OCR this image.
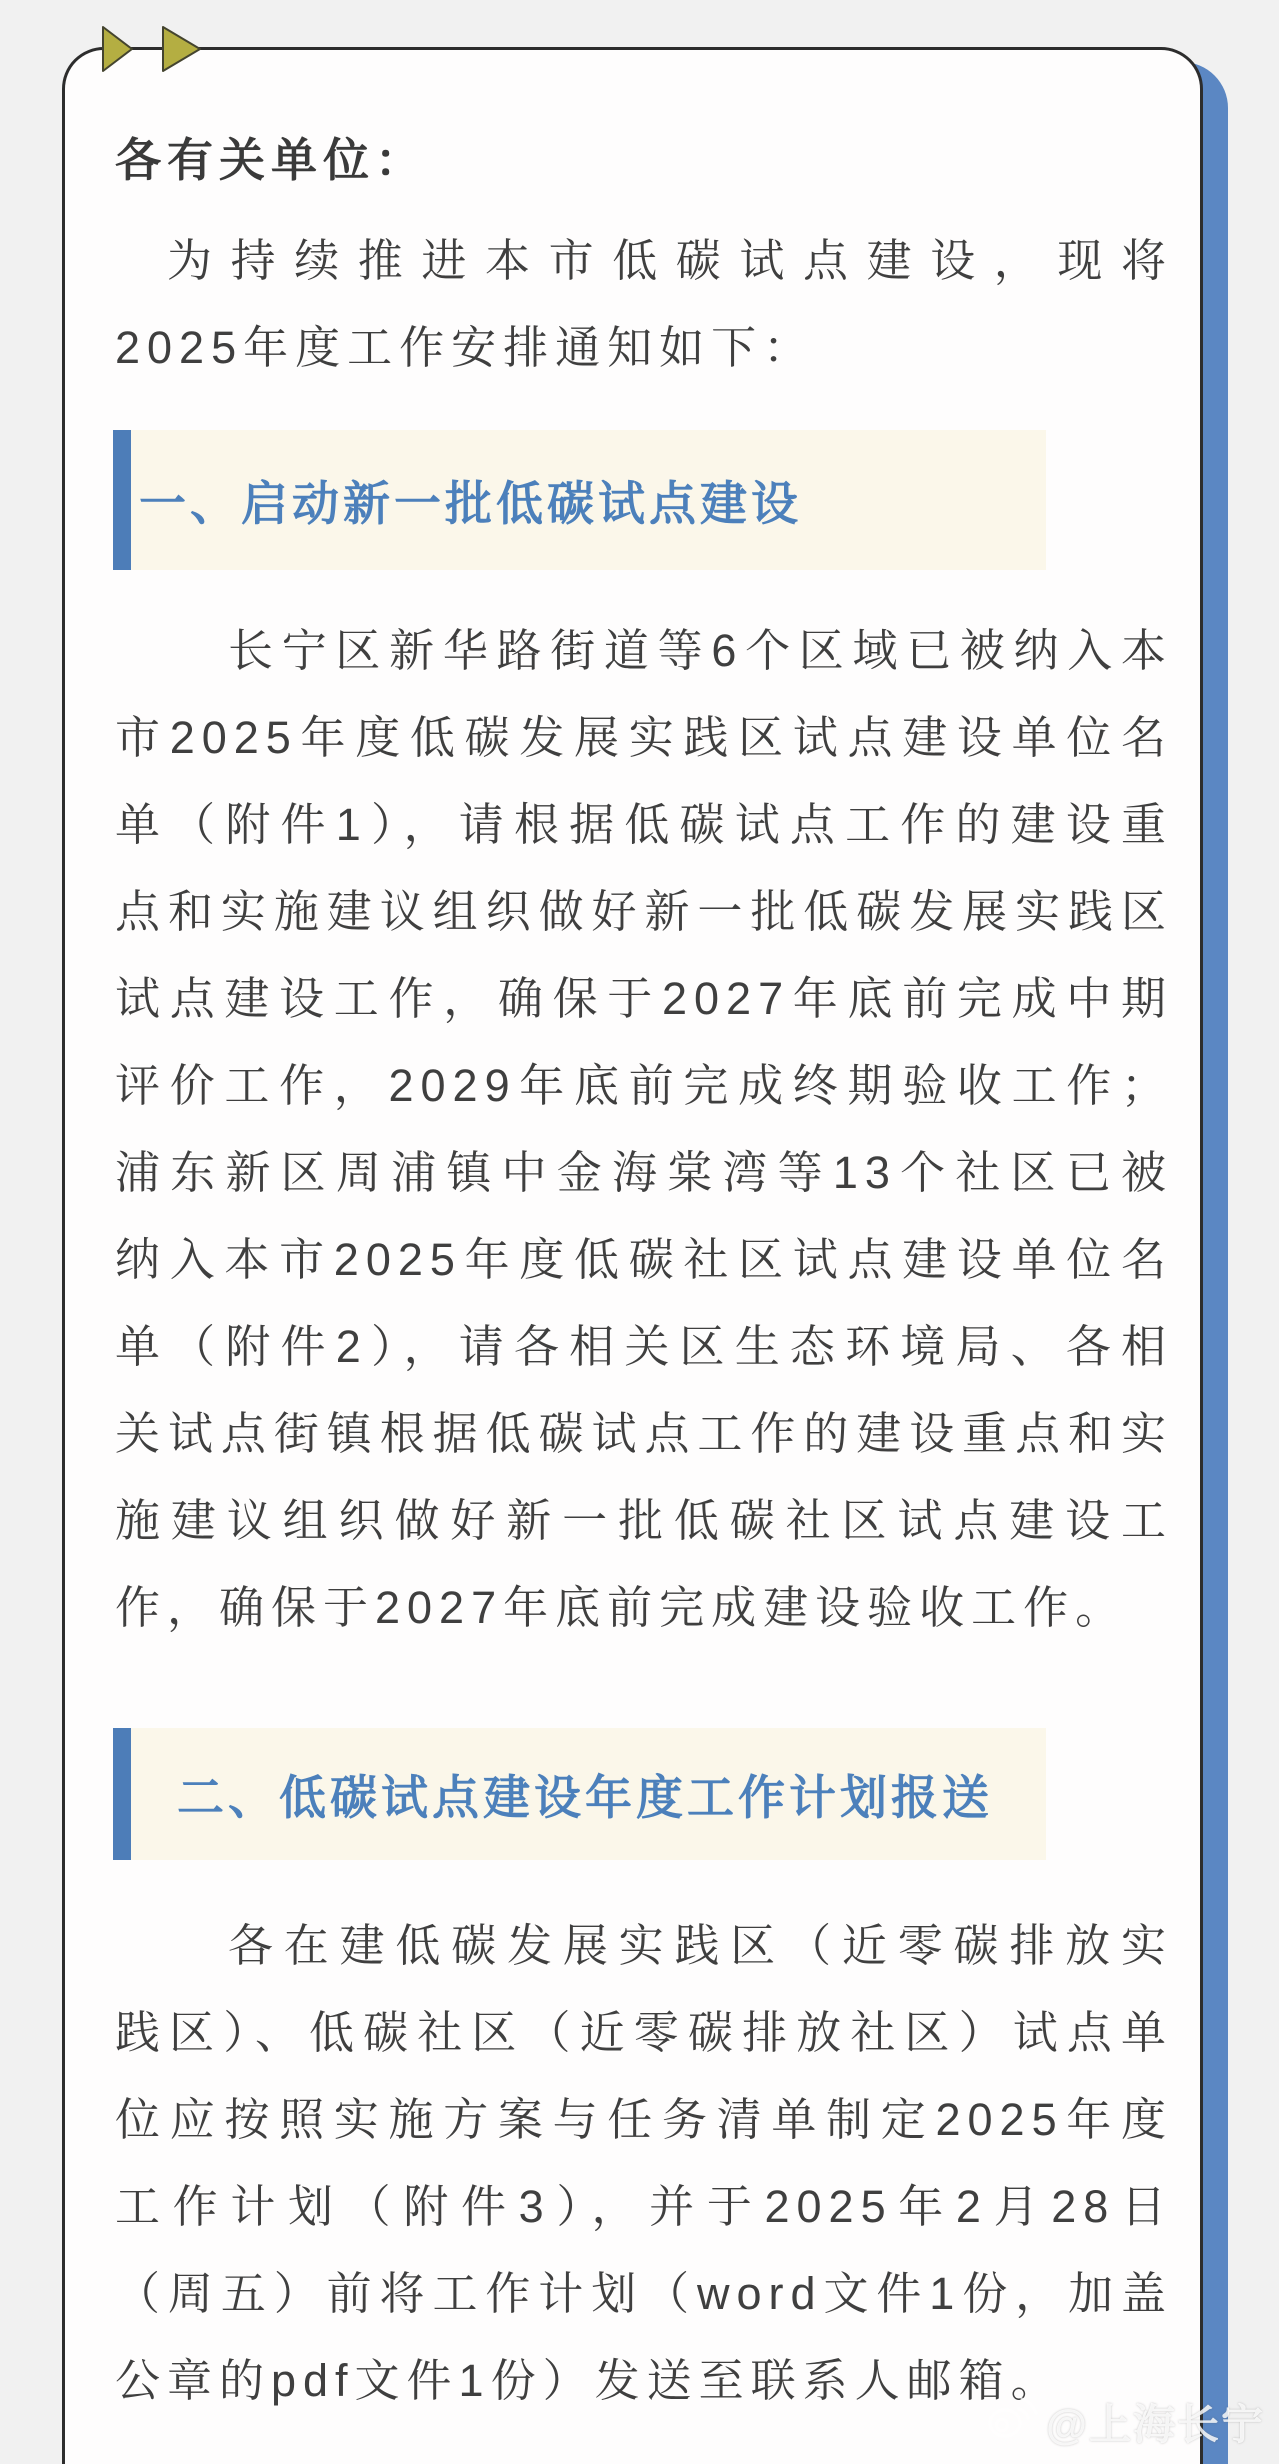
各有关单位：
为持续推进本市低碳试点建设，现将
2025年度工作安排通知如下：
一、启动新一批低碳试点建设
长宁区新华路街道等6个区域已被纳入本
市2025年度低碳发展实践区试点建设单位名
单（附件1），请根据低碳试点工作的建设重
点和实施建议组织做好新一批低碳发展实践区
试点建设工作，确保于2027年底前完成中期
评价工作，2029年底前完成终期验收工作；
浦东新区周浦镇中金海棠湾等13个社区已被
纳入本市2025年度低碳社区试点建设单位名
单（附件2），请各相关区生态环境局、各相
关试点街镇根据低碳试点工作的建设重点和实
施建议组织做好新一批低碳社区试点建设工
作，确保于2027年底前完成建设验收工作。
二、低碳试点建设年度工作计划报送
各在建低碳发展实践区（近零碳排放实
践区）、低碳社区（近零碳排放社区）试点单
位应按照实施方案与任务清单制定2025年度
工作计划（附件3），并于2025年2月28日
（周五）前将工作计划（word文件1份，加盖
公章的pdf文件1份）发送至联系人邮箱。
@上海长宁
